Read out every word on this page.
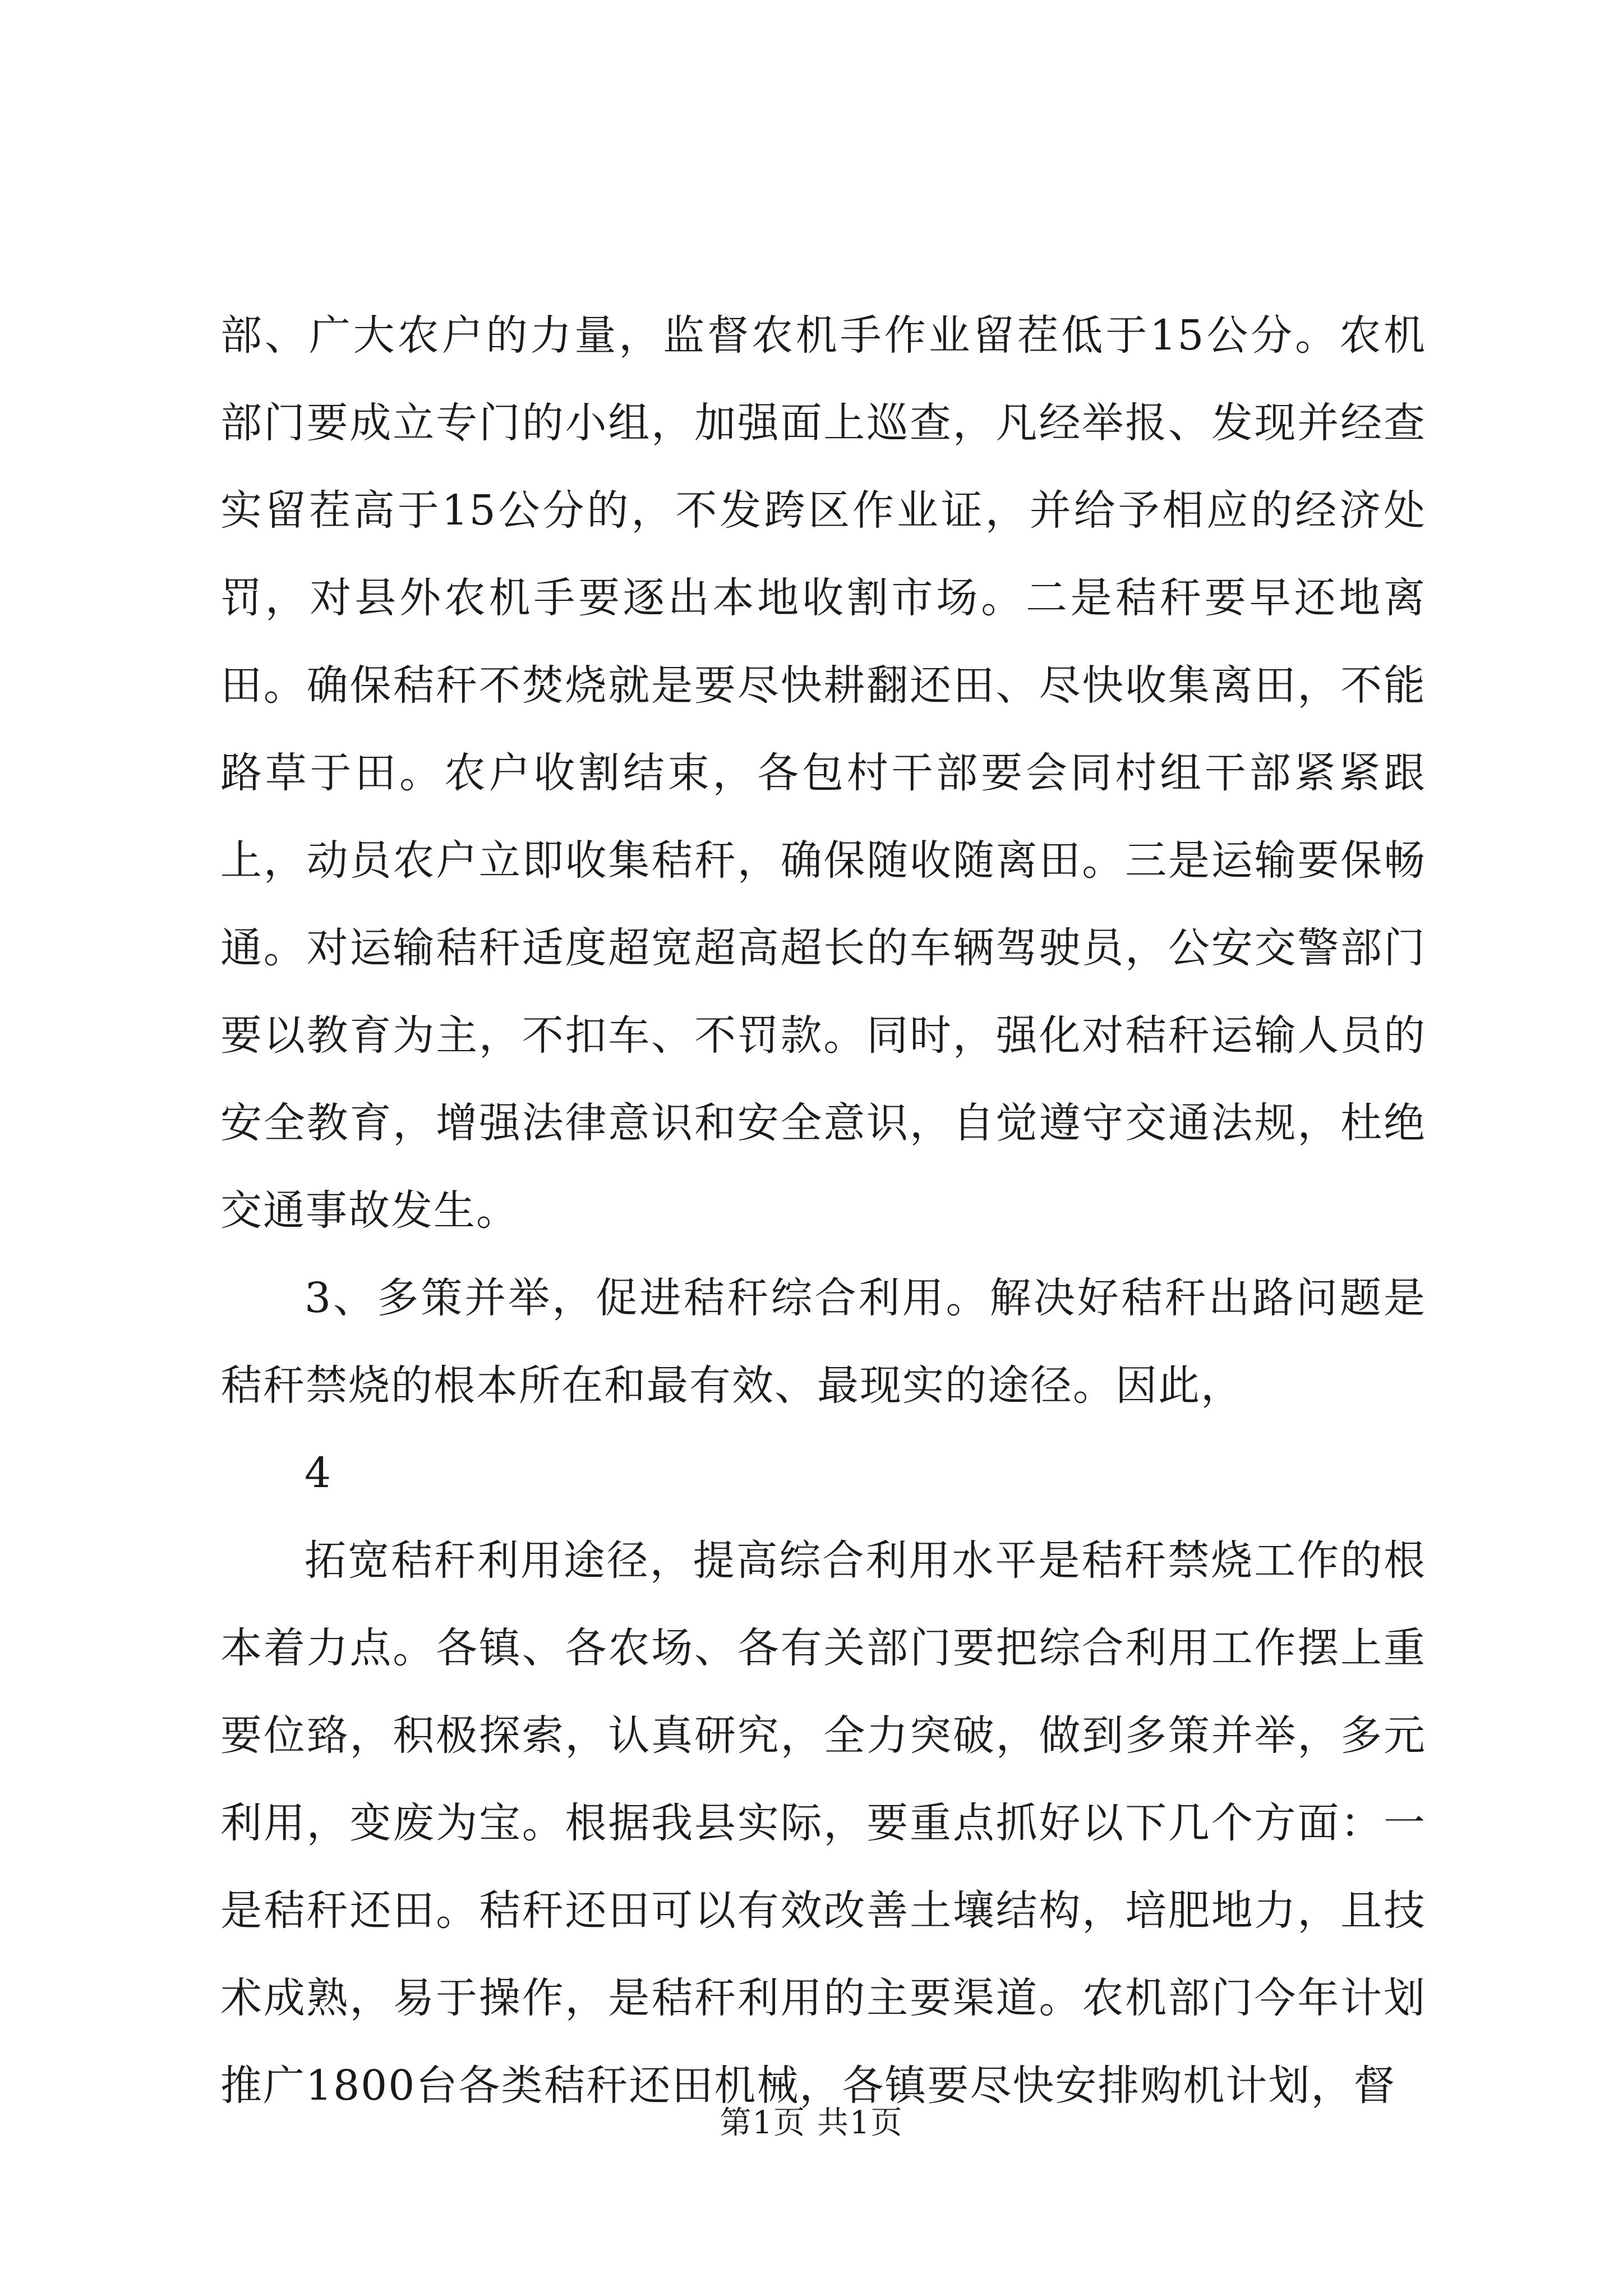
部、广大农户的力量，监督农机手作业留茬低于15公分。农机部门要成立专门的小组，加强面上巡查，凡经举报、发现并经查实留茬高于15公分的，不发跨区作业证，并给予相应的经济处罚，对县外农机手要逐出本地收割市场。二是秸秆要早还地离田。确保秸秆不焚烧就是要尽快耕翻还田、尽快收集离田，不能路草于田。农户收割结束，各包村干部要会同村组干部紧紧跟上，动员农户立即收集秸秆，确保随收随离田。三是运输要保畅通。对运输秸秆适度超宽超高超长的车辆驾驶员，公安交警部门要以教育为主，不扣车、不罚款。同时，强化对秸秆运输人员的安全教育，增强法律意识和安全意识，自觉遵守交通法规，杜绝交通事故发生。

3、多策并举，促进秸秆综合利用。解决好秸秆出路问题是秸秆禁烧的根本所在和最有效、最现实的途径。因此，

4

拓宽秸秆利用途径，提高综合利用水平是秸秆禁烧工作的根本着力点。各镇、各农场、各有关部门要把综合利用工作摆上重要位臵，积极探索，认真研究，全力突破，做到多策并举，多元利用，变废为宝。根据我县实际，要重点抓好以下几个方面：一是秸秆还田。秸秆还田可以有效改善土壤结构，培肥地力，且技术成熟，易于操作，是秸秆利用的主要渠道。农机部门今年计划推广1800台各类秸秆还田机械，各镇要尽快安排购机计划，督

第1页 共1页
